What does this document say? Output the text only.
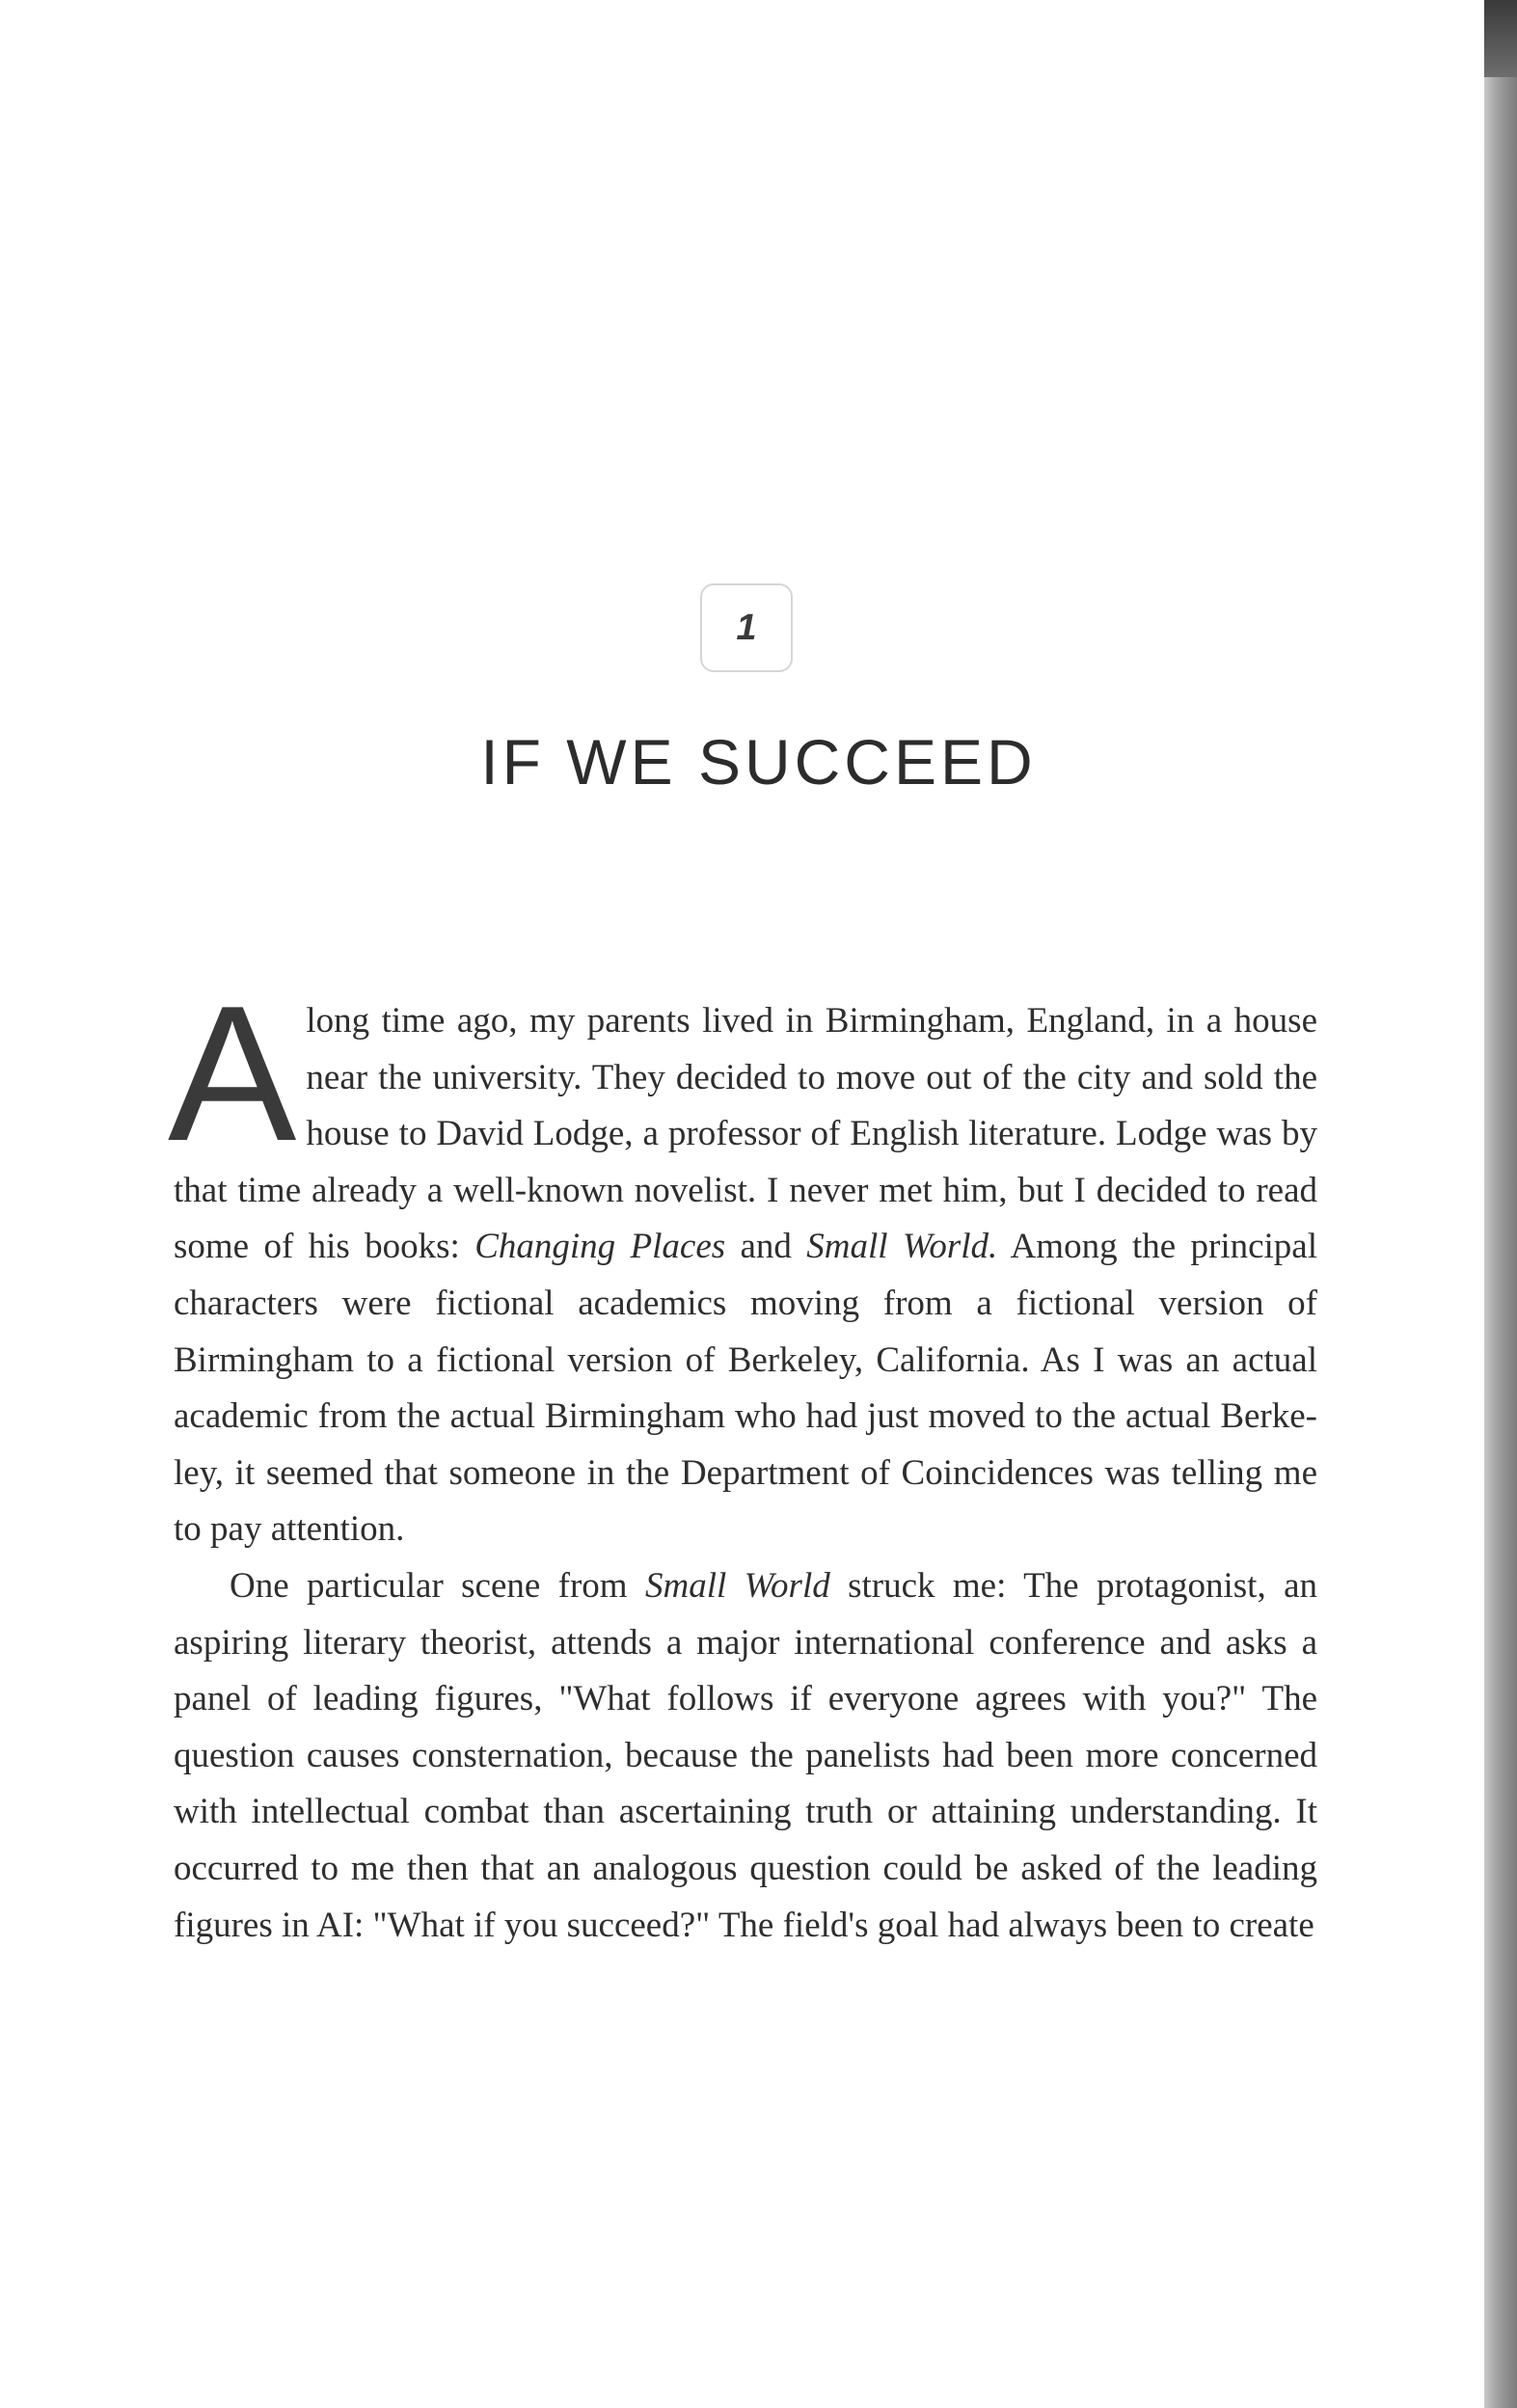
1
IF WE SUCCEED

A long time ago, my parents lived in Birmingham, England, in a house near the university. They decided to move out of the city and sold the house to David Lodge, a professor of English literature. Lodge was by that time already a well-known novelist. I never met him, but I decided to read some of his books: Changing Places and Small World. Among the principal characters were fictional academics moving from a fictional version of Birmingham to a fictional version of Berkeley, California. As I was an actual academic from the actual Birmingham who had just moved to the actual Berkeley, it seemed that someone in the Department of Coincidences was telling me to pay attention.

One particular scene from Small World struck me: The protagonist, an aspiring literary theorist, attends a major international conference and asks a panel of leading figures, "What follows if everyone agrees with you?" The question causes consternation, because the panelists had been more concerned with intellectual combat than ascertaining truth or attaining understanding. It occurred to me then that an analogous question could be asked of the leading figures in AI: "What if you succeed?" The field's goal had always been to create
